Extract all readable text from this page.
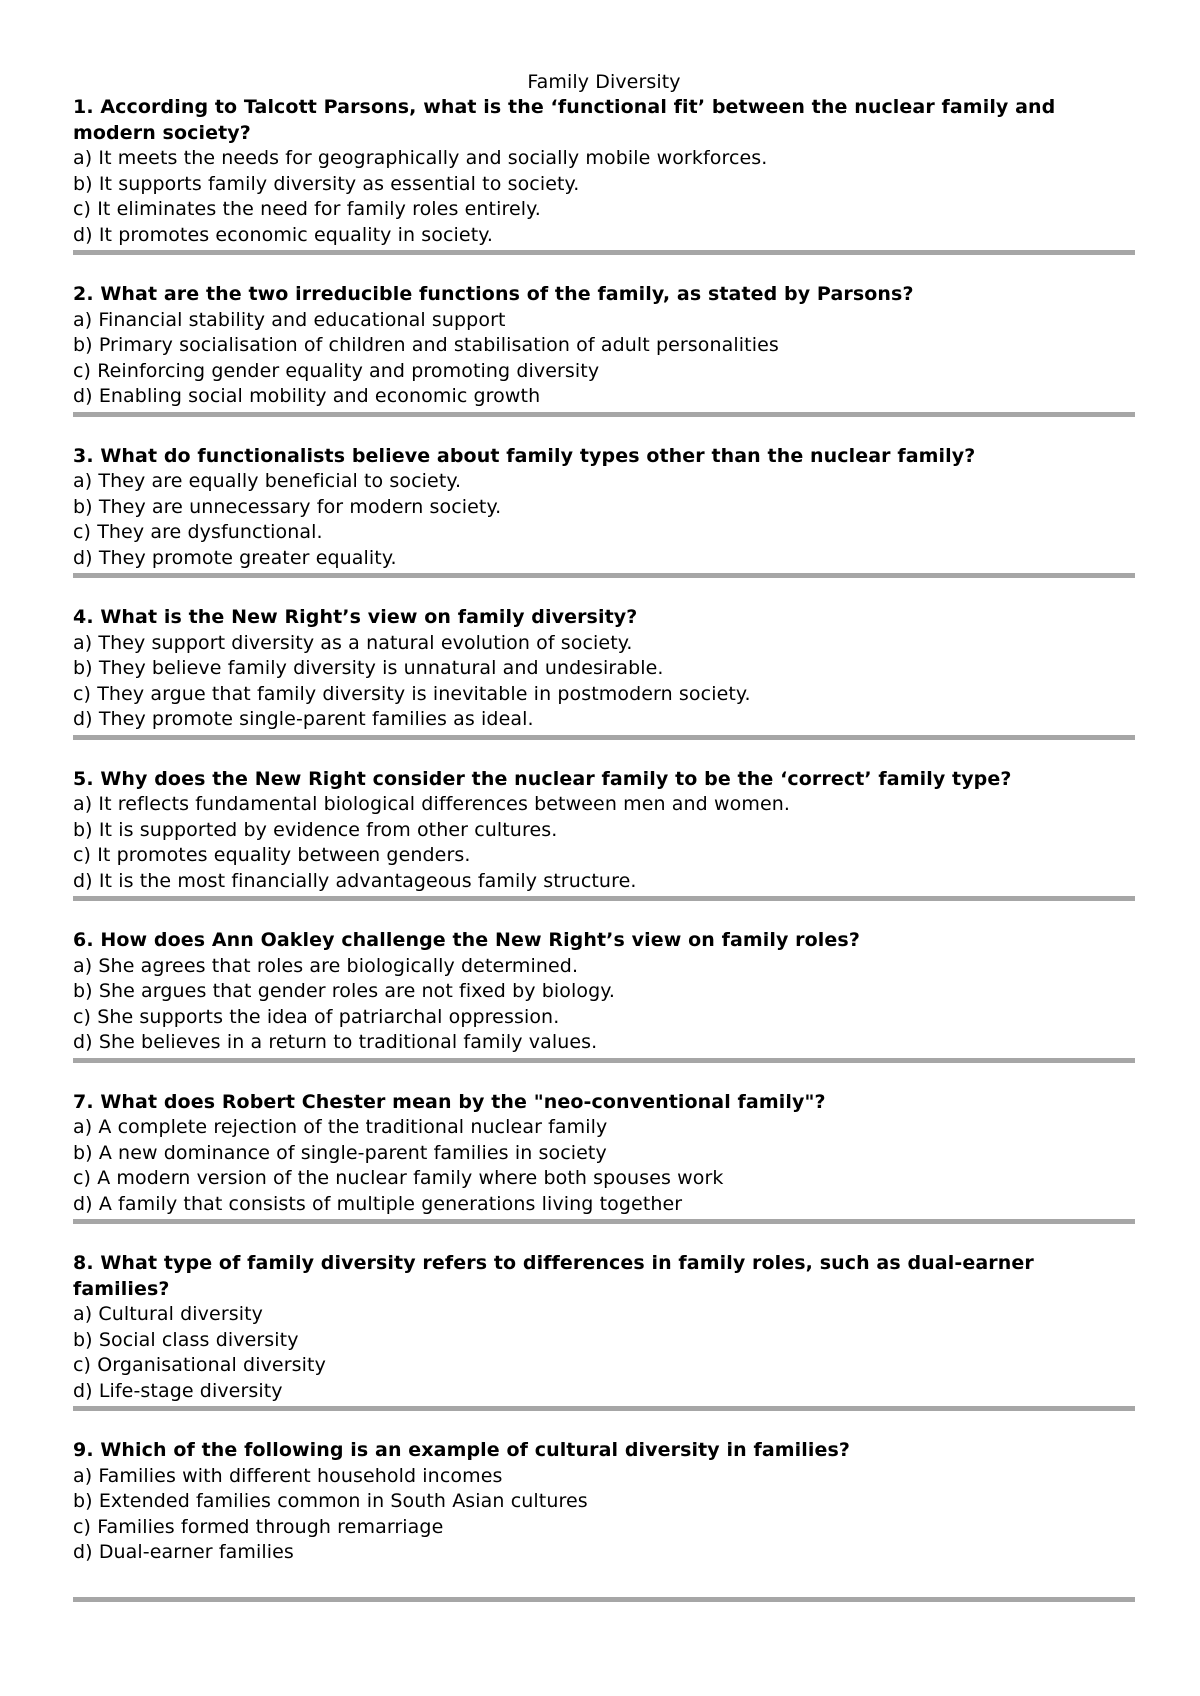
Family Diversity
1. According to Talcott Parsons, what is the ‘functional fit’ between the nuclear family and modern society?
a) It meets the needs for geographically and socially mobile workforces.
b) It supports family diversity as essential to society.
c) It eliminates the need for family roles entirely.
d) It promotes economic equality in society.
2. What are the two irreducible functions of the family, as stated by Parsons?
a) Financial stability and educational support
b) Primary socialisation of children and stabilisation of adult personalities
c) Reinforcing gender equality and promoting diversity
d) Enabling social mobility and economic growth
3. What do functionalists believe about family types other than the nuclear family?
a) They are equally beneficial to society.
b) They are unnecessary for modern society.
c) They are dysfunctional.
d) They promote greater equality.
4. What is the New Right’s view on family diversity?
a) They support diversity as a natural evolution of society.
b) They believe family diversity is unnatural and undesirable.
c) They argue that family diversity is inevitable in postmodern society.
d) They promote single-parent families as ideal.
5. Why does the New Right consider the nuclear family to be the ‘correct’ family type?
a) It reflects fundamental biological differences between men and women.
b) It is supported by evidence from other cultures.
c) It promotes equality between genders.
d) It is the most financially advantageous family structure.
6. How does Ann Oakley challenge the New Right’s view on family roles?
a) She agrees that roles are biologically determined.
b) She argues that gender roles are not fixed by biology.
c) She supports the idea of patriarchal oppression.
d) She believes in a return to traditional family values.
7. What does Robert Chester mean by the "neo-conventional family"?
a) A complete rejection of the traditional nuclear family
b) A new dominance of single-parent families in society
c) A modern version of the nuclear family where both spouses work
d) A family that consists of multiple generations living together
8. What type of family diversity refers to differences in family roles, such as dual-earner families?
a) Cultural diversity
b) Social class diversity
c) Organisational diversity
d) Life-stage diversity
9. Which of the following is an example of cultural diversity in families?
a) Families with different household incomes
b) Extended families common in South Asian cultures
c) Families formed through remarriage
d) Dual-earner families
